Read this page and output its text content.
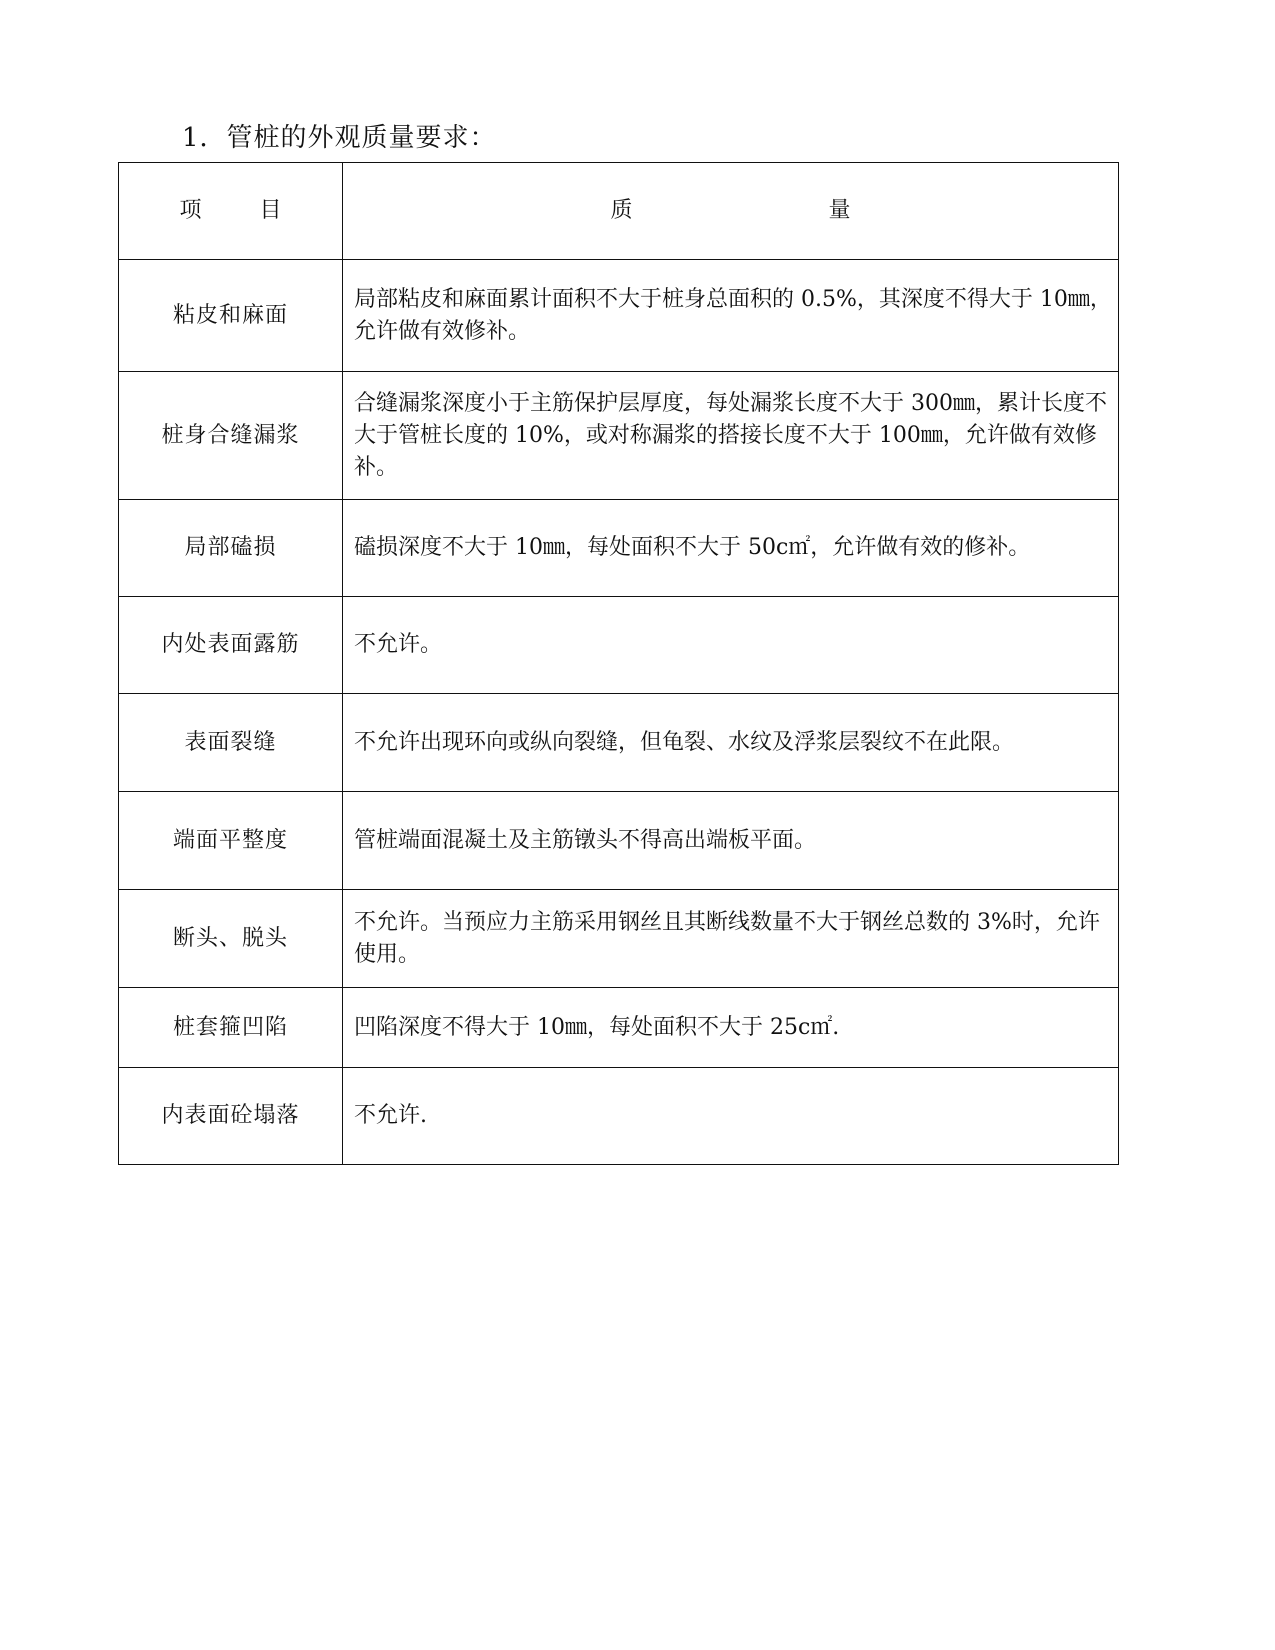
1．管桩的外观质量要求：
项 目	质 量
粘皮和麻面	局部粘皮和麻面累计面积不大于桩身总面积的 0.5%，其深度不得大于 10㎜，允许做有效修补。
桩身合缝漏浆	合缝漏浆深度小于主筋保护层厚度，每处漏浆长度不大于 300㎜，累计长度不大于管桩长度的 10%，或对称漏浆的搭接长度不大于 100㎜，允许做有效修补。
局部磕损	磕损深度不大于 10㎜，每处面积不大于 50c㎡，允许做有效的修补。
内处表面露筋	不允许。
表面裂缝	不允许出现环向或纵向裂缝，但龟裂、水纹及浮浆层裂纹不在此限。
端面平整度	管桩端面混凝土及主筋镦头不得高出端板平面。
断头、脱头	不允许。当预应力主筋采用钢丝且其断线数量不大于钢丝总数的 3%时，允许使用。
桩套箍凹陷	凹陷深度不得大于 10㎜，每处面积不大于 25c㎡.
内表面砼塌落	不允许.
